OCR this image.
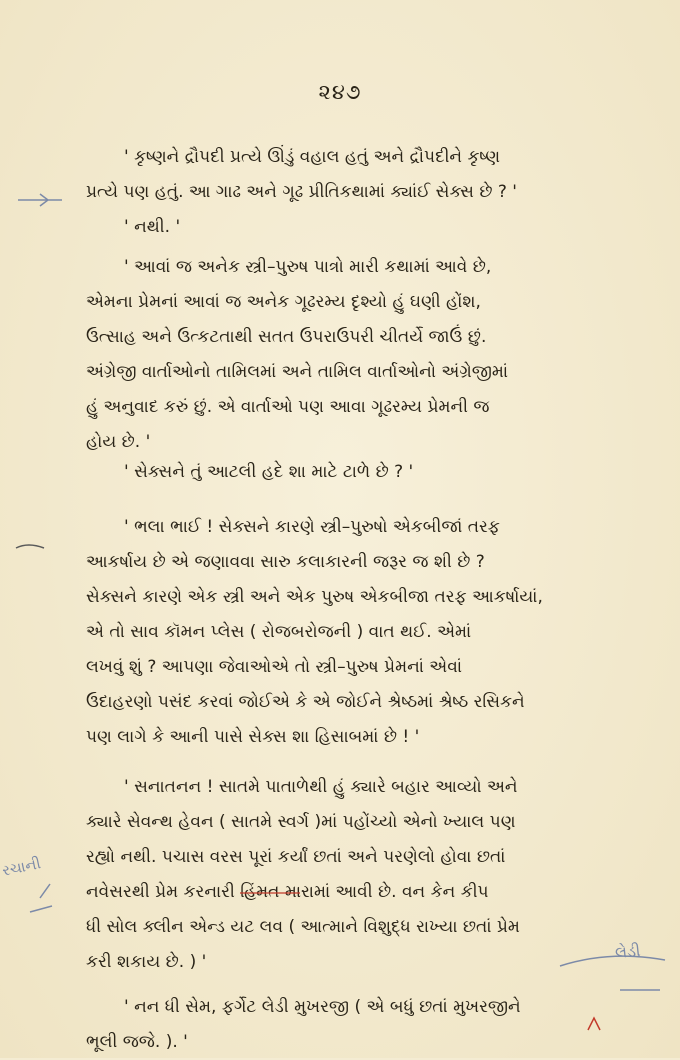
૨૪૭
' કૃષ્ણને દ્રૌપદી પ્રત્યે ઊંડું વહાલ હતું અને દ્રૌપદીને કૃષ્ણ
પ્રત્યે પણ હતું. આ ગાઢ અને ગૂઢ પ્રીતિકથામાં ક્યાંઈ સેક્સ છે ? '
' નથી. '
' આવાં જ અનેક સ્ત્રી–પુરુષ પાત્રો મારી કથામાં આવે છે,
એમના પ્રેમનાં આવાં જ અનેક ગૂઢરમ્ય દૃશ્યો હું ઘણી હોંશ,
ઉત્સાહ અને ઉત્કટતાથી સતત ઉપરાઉપરી ચીતર્યે જાઉં છું.
અંગ્રેજી વાર્તાઓનો તામિલમાં અને તામિલ વાર્તાઓનો અંગ્રેજીમાં
હું અનુવાદ કરું છું. એ વાર્તાઓ પણ આવા ગૂઢરમ્ય પ્રેમની જ
હોય છે. '
' સેક્સને તું આટલી હદે શા માટે ટાળે છે ? '
' ભલા ભાઈ ! સેક્સને કારણે સ્ત્રી–પુરુષો એકબીજાં તરફ
આકર્ષાય છે એ જણાવવા સારુ કલાકારની જરૂર જ શી છે ?
સેક્સને કારણે એક સ્ત્રી અને એક પુરુષ એકબીજા તરફ આકર્ષાયાં,
એ તો સાવ કૉમન પ્લેસ ( રોજબરોજની ) વાત થઈ. એમાં
લખવું શું ? આપણા જેવાઓએ તો સ્ત્રી–પુરુષ પ્રેમનાં એવાં
ઉદાહરણો પસંદ કરવાં જોઈએ કે એ જોઈને શ્રેષ્ઠમાં શ્રેષ્ઠ રસિકને
પણ લાગે કે આની પાસે સેક્સ શા હિસાબમાં છે ! '
' સનાતનન ! સાતમે પાતાળેથી હું ક્યારે બહાર આવ્યો અને
ક્યારે સેવન્થ હેવન ( સાતમે સ્વર્ગ )માં પહોંચ્યો એનો ખ્યાલ પણ
રહ્યો નથી. પચાસ વરસ પૂરાં કર્યાં છતાં અને પરણેલો હોવા છતાં
નવેસરથી પ્રેમ કરનારી હિંમત મારામાં આવી છે. વન કેન કીપ
ધી સોલ ક્લીન એન્ડ યટ લવ ( આત્માને વિશુદ્ધ રાખ્યા છતાં પ્રેમ
કરી શકાય છે. ) '
' નન ધી સેમ, ફર્ગેટ લેડી મુખરજી ( એ બધું છતાં મુખરજીને
ભૂલી જજે. ). '
રચાની
લેડી
